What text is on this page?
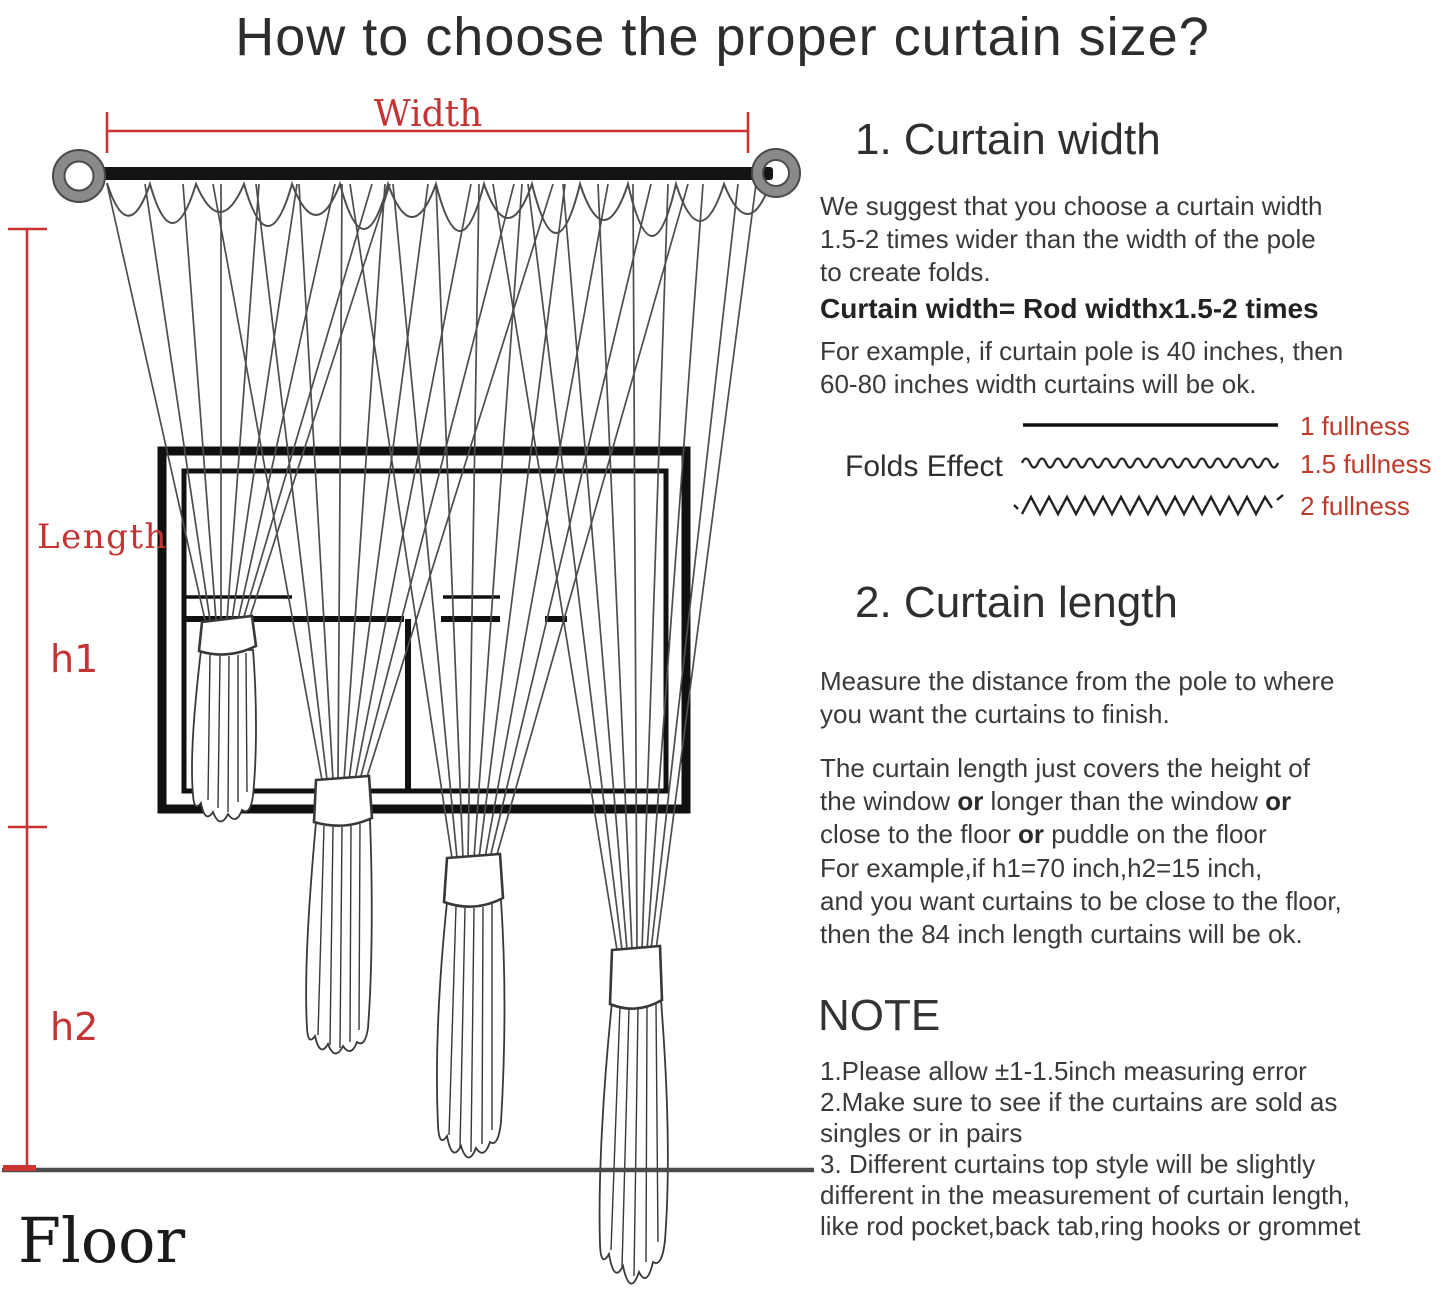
Width
Length
h1
h2
Floor
How to choose the proper curtain size?
1. Curtain width
We suggest that you choose a curtain width
1.5-2 times wider than the width of the pole
to create folds.
Curtain width= Rod widthx1.5-2 times
For example, if curtain pole is 40 inches, then
60-80 inches width curtains will be ok.
Folds Effect
1 fullness
1.5 fullness
2 fullness
2. Curtain length
Measure the distance from the pole to where
you want the curtains to finish.
The curtain length just covers the height of
the window or longer than the window or
close to the floor or puddle on the floor
For example,if h1=70 inch,h2=15 inch,
and you want curtains to be close to the floor,
then the 84 inch length curtains will be ok.
NOTE
1.Please allow ±1-1.5inch measuring error
2.Make sure to see if the curtains are sold as
singles or in pairs
3. Different curtains top style will be slightly
different in the measurement of curtain length,
like rod pocket,back tab,ring hooks or grommet
